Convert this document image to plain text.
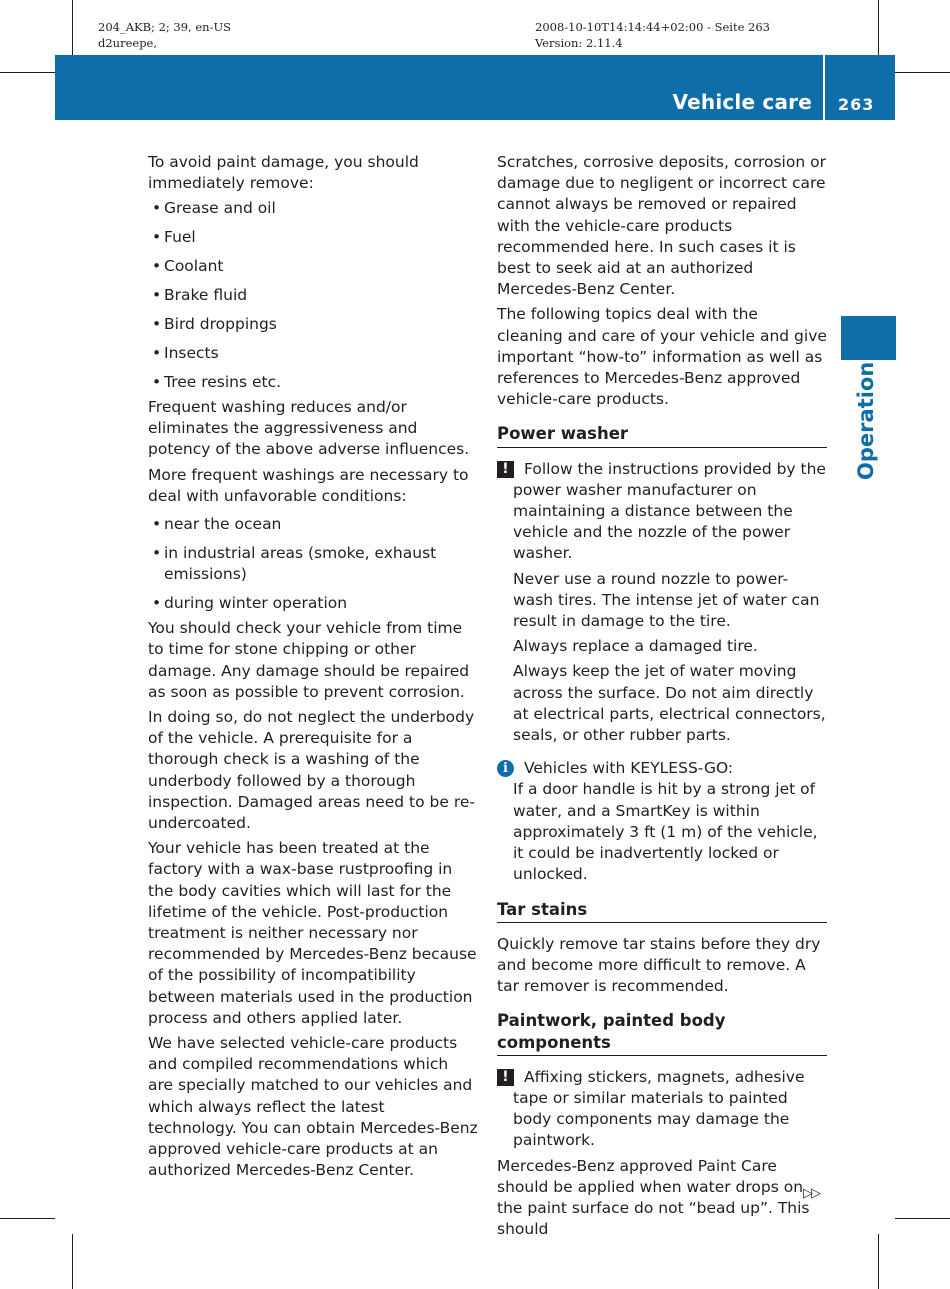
204_AKB; 2; 39, en-US
d2ureepe,
2008-10-10T14:14:44+02:00 - Seite 263
Version: 2.11.4
Vehicle care 263
Operation

To avoid paint damage, you should immediately remove:

• Grease and oil
• Fuel
• Coolant
• Brake fluid
• Bird droppings
• Insects
• Tree resins etc.

Frequent washing reduces and/or eliminates the aggressiveness and potency of the above adverse influences.

More frequent washings are necessary to deal with unfavorable conditions:

• near the ocean
• in industrial areas (smoke, exhaust emissions)
• during winter operation

You should check your vehicle from time to time for stone chipping or other damage. Any damage should be repaired as soon as possible to prevent corrosion.

In doing so, do not neglect the underbody of the vehicle. A prerequisite for a thorough check is a washing of the underbody followed by a thorough inspection. Damaged areas need to be re-undercoated.

Your vehicle has been treated at the factory with a wax-base rustproofing in the body cavities which will last for the lifetime of the vehicle. Post-production treatment is neither necessary nor recommended by Mercedes-Benz because of the possibility of incompatibility between materials used in the production process and others applied later.

We have selected vehicle-care products and compiled recommendations which are specially matched to our vehicles and which always reflect the latest technology. You can obtain Mercedes-Benz approved vehicle-care products at an authorized Mercedes-Benz Center.

Scratches, corrosive deposits, corrosion or damage due to negligent or incorrect care cannot always be removed or repaired with the vehicle-care products recommended here. In such cases it is best to seek aid at an authorized Mercedes-Benz Center.

The following topics deal with the cleaning and care of your vehicle and give important “how-to” information as well as references to Mercedes-Benz approved vehicle-care products.

Power washer
! Follow the instructions provided by the power washer manufacturer on maintaining a distance between the vehicle and the nozzle of the power washer.

Never use a round nozzle to power-wash tires. The intense jet of water can result in damage to the tire.

Always replace a damaged tire.

Always keep the jet of water moving across the surface. Do not aim directly at electrical parts, electrical connectors, seals, or other rubber parts.

i	Vehicles with KEYLESS-GO:

If a door handle is hit by a strong jet of water, and a SmartKey is within approximately 3 ft (1 m) of the vehicle, it could be inadvertently locked or unlocked.

Tar stains

Quickly remove tar stains before they dry and become more difficult to remove. A tar remover is recommended.

Paintwork, painted body components
! Affixing stickers, magnets, adhesive tape or similar materials to painted body components may damage the paintwork.

Mercedes-Benz approved Paint Care should be applied when water drops on the paint surface do not “bead up”. This should

▷▷
